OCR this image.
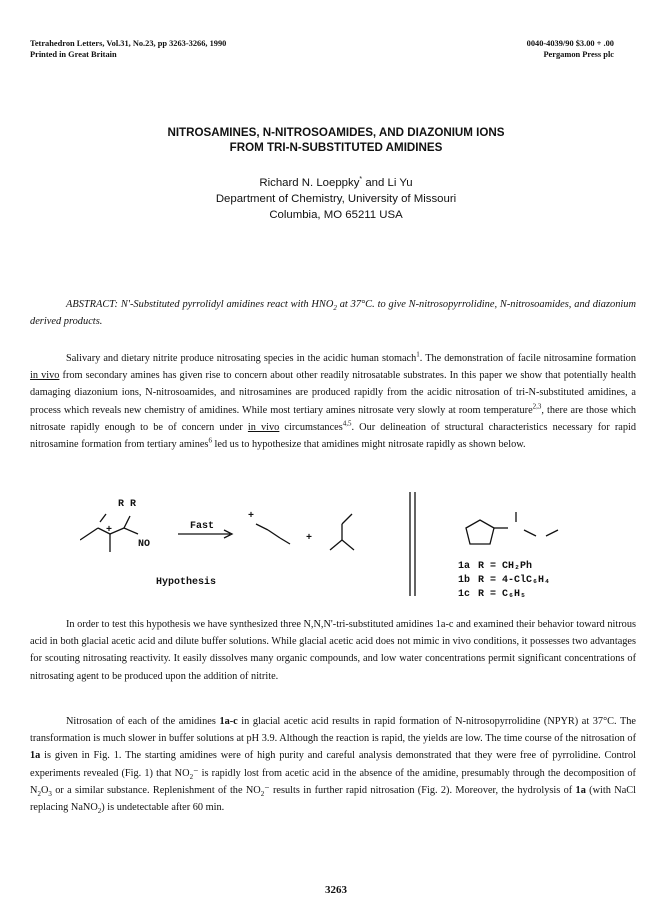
Tetrahedron Letters, Vol.31, No.23, pp 3263-3266, 1990
Printed in Great Britain
0040-4039/90 $3.00 + .00
Pergamon Press plc
NITROSAMINES, N-NITROSOAMIDES, AND DIAZONIUM IONS
FROM TRI-N-SUBSTITUTED AMIDINES
Richard N. Loeppky* and Li Yu
Department of Chemistry, University of Missouri
Columbia, MO 65211 USA
ABSTRACT: N'-Substituted pyrrolidyl amidines react with $HNO_2$ at 37°C. to give N-nitrosopyrrolidine, N-nitrosoamides, and diazonium derived products.
Salivary and dietary nitrite produce nitrosating species in the acidic human stomach$^1$. The demonstration of facile nitrosamine formation in vivo from secondary amines has given rise to concern about other readily nitrosatable substrates. In this paper we show that potentially health damaging diazonium ions, N-nitrosoamides, and nitrosamines are produced rapidly from the acidic nitrosation of tri-N-substituted amidines, a process which reveals new chemistry of amidines. While most tertiary amines nitrosate very slowly at room temperature$^{2,3}$, there are those which nitrosate rapidly enough to be of concern under in vivo circumstances$^{4,5}$. Our delineation of structural characteristics necessary for rapid nitrosamine formation from tertiary amines$^6$ led us to hypothesize that amidines might nitrosate rapidly as shown below.
R R
NO
+	Fast
+
+
Hypothesis
1a R = CH₂Ph
1b R = 4-ClC₆H₄
1c R = C₆H₅
In order to test this hypothesis we have synthesized three N,N,N'-tri-substituted amidines 1a-c and examined their behavior toward nitrous acid in both glacial acetic acid and dilute buffer solutions. While glacial acetic acid does not mimic in vivo conditions, it possesses two advantages for scouting nitrosating reactivity. It easily dissolves many organic compounds, and low water concentrations permit significant concentrations of nitrosating agent to be produced upon the addition of nitrite.
Nitrosation of each of the amidines 1a-c in glacial acetic acid results in rapid formation of N-nitrosopyrrolidine (NPYR) at 37°C. The transformation is much slower in buffer solutions at pH 3.9. Although the reaction is rapid, the yields are low. The time course of the nitrosation of 1a is given in Fig. 1. The starting amidines were of high purity and careful analysis demonstrated that they were free of pyrrolidine. Control experiments revealed (Fig. 1) that $NO_2^-$ is rapidly lost from acetic acid in the absence of the amidine, presumably through the decomposition of $N_2O_3$ or a similar substance. Replenishment of the $NO_2^-$ results in further rapid nitrosation (Fig. 2). Moreover, the hydrolysis of 1a (with NaCl replacing NaNO$_2$) is undetectable after 60 min.
3263
